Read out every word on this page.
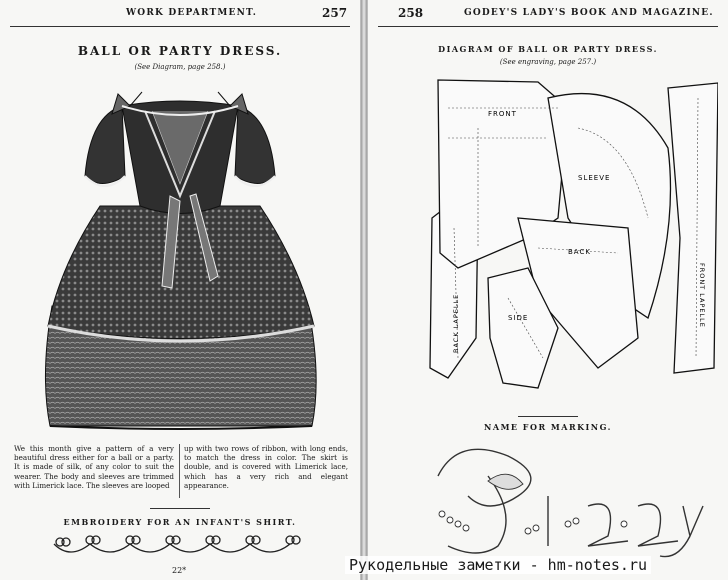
WORK DEPARTMENT.	257
BALL OR PARTY DRESS.
(See Diagram, page 258.)
We this month give a pattern of a very beautiful dress either for a ball or a party. It is made of silk, of any color to suit the wearer. The body and sleeves are trimmed with Limerick lace. The sleeves are looped
up with two rows of ribbon, with long ends, to match the dress in color. The skirt is double, and is covered with Limerick lace, which has a very rich and elegant appearance.
EMBROIDERY FOR AN INFANT'S SHIRT.
22*
258	GODEY'S LADY'S BOOK AND MAGAZINE.
DIAGRAM OF BALL OR PARTY DRESS.
(See engraving, page 257.)
FRONT
SLEEVE
BACK
SIDE
BACK LAPELLE	FRONT LAPELLE
NAME FOR MARKING.
Lizzy
Рукодельные заметки - hm-notes.ru
